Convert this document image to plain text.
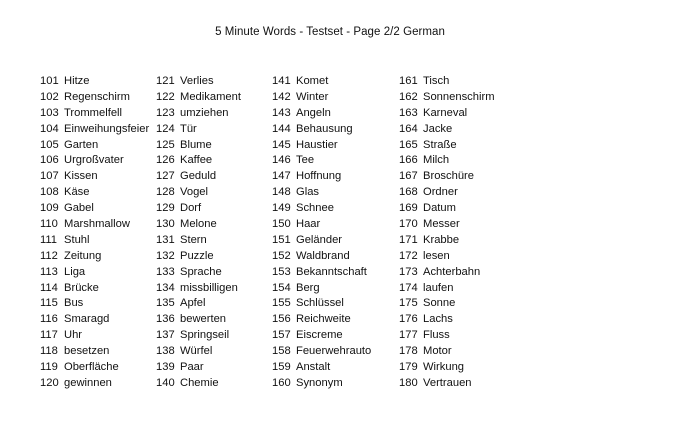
5 Minute Words - Testset - Page 2/2 German
101 Hitze
102 Regenschirm
103 Trommelfell
104 Einweihungsfeier
105 Garten
106 Urgroßvater
107 Kissen
108 Käse
109 Gabel
110 Marshmallow
111 Stuhl
112 Zeitung
113 Liga
114 Brücke
115 Bus
116 Smaragd
117 Uhr
118 besetzen
119 Oberfläche
120 gewinnen
121 Verlies
122 Medikament
123 umziehen
124 Tür
125 Blume
126 Kaffee
127 Geduld
128 Vogel
129 Dorf
130 Melone
131 Stern
132 Puzzle
133 Sprache
134 missbilligen
135 Apfel
136 bewerten
137 Springseil
138 Würfel
139 Paar
140 Chemie
141 Komet
142 Winter
143 Angeln
144 Behausung
145 Haustier
146 Tee
147 Hoffnung
148 Glas
149 Schnee
150 Haar
151 Geländer
152 Waldbrand
153 Bekanntschaft
154 Berg
155 Schlüssel
156 Reichweite
157 Eiscreme
158 Feuerwehrauto
159 Anstalt
160 Synonym
161 Tisch
162 Sonnenschirm
163 Karneval
164 Jacke
165 Straße
166 Milch
167 Broschüre
168 Ordner
169 Datum
170 Messer
171 Krabbe
172 lesen
173 Achterbahn
174 laufen
175 Sonne
176 Lachs
177 Fluss
178 Motor
179 Wirkung
180 Vertrauen
